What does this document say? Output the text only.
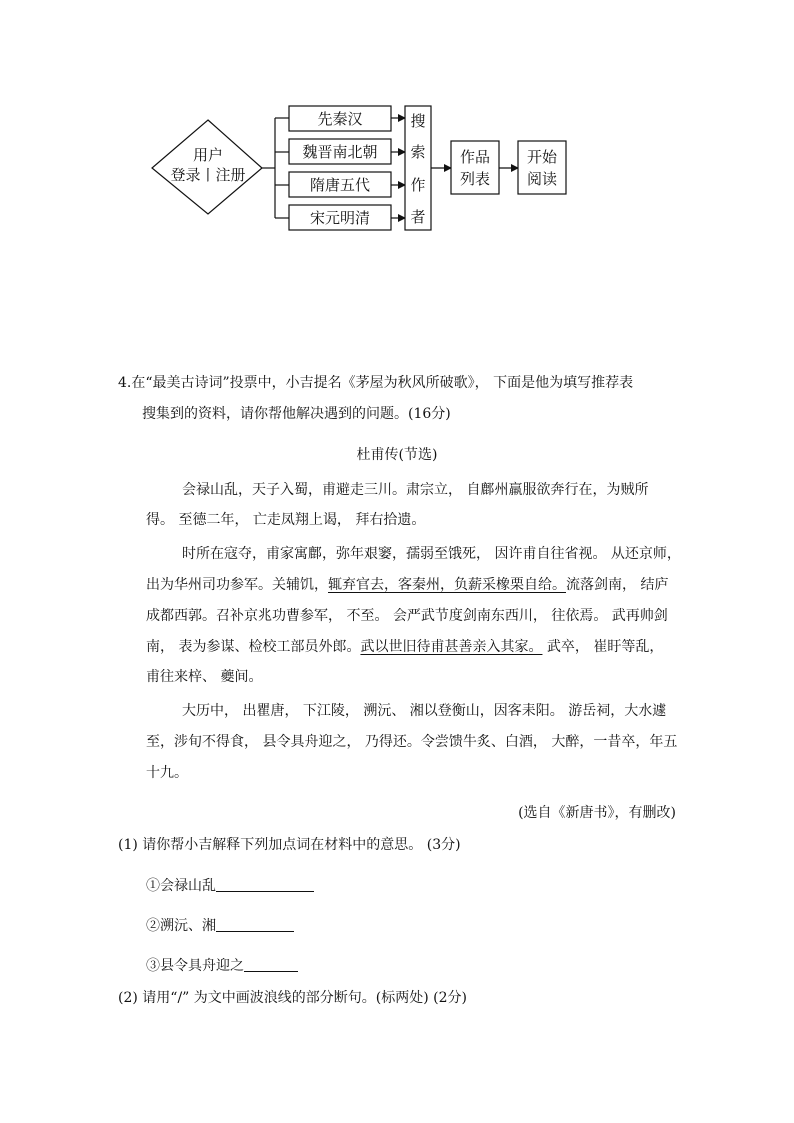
用户
登录丨注册
先秦汉
魏晋南北朝
隋唐五代
宋元明清
搜
索
作
者
作品
列表
开始
阅读
4.在“最美古诗词”投票中，小吉提名《茅屋为秋风所破歌》， 下面是他为填写推荐表
搜集到的资料，请你帮他解决遇到的问题。(16分)
杜甫传(节选)
会禄山乱，天子入蜀，甫避走三川。肃宗立， 自鄜州羸服欲奔行在，为贼所
得。 至德二年， 亡走凤翔上谒， 拜右拾遗。
时所在寇夺，甫家寓鄜，弥年艰窭，孺弱至饿死， 因许甫自往省视。 从还京师，
出为华州司功参军。关辅饥，辄弃官去，客秦州，负薪采橡栗自给。流落剑南， 结庐
成都西郭。召补京兆功曹参军， 不至。 会严武节度剑南东西川， 往依焉。 武再帅剑
南， 表为参谋、检校工部员外郎。武以世旧待甫甚善亲入其家。 武卒， 崔盱等乱，
甫往来梓、 夔间。
大历中， 出瞿唐， 下江陵， 溯沅、 湘以登衡山，因客耒阳。 游岳祠，大水遽
至，涉旬不得食， 县令具舟迎之， 乃得还。令尝馈牛炙、白酒， 大醉，一昔卒，年五
十九。
(选自《新唐书》，有删改)
(1) 请你帮小吉解释下列加点词在材料中的意思。 (3分)
①会禄山乱
②溯沅、湘
③县令具舟迎之
(2) 请用“/” 为文中画波浪线的部分断句。(标两处) (2分)
